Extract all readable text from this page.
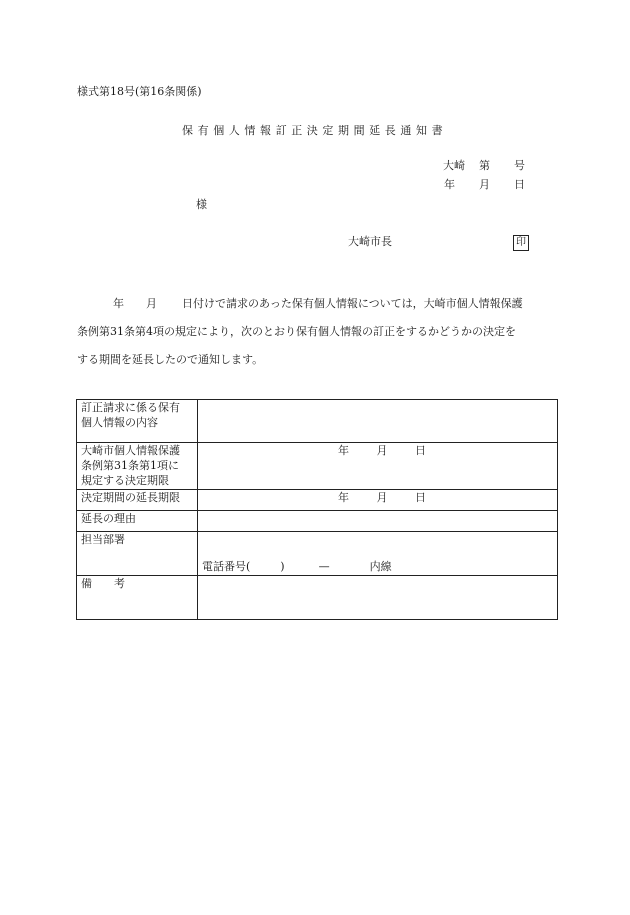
様式第18号(第16条関係)
保有個人情報訂正決定期間延長通知書
大崎 第 号
年 月 日
様
大崎市長	印
年 月 日付けで請求のあった保有個人情報については，大崎市個人情報保護
条例第31条第4項の規定により，次のとおり保有個人情報の訂正をするかどうかの決定を
する期間を延長したので通知します。
訂正請求に係る保有
個人情報の内容	

大崎市個人情報保護
条例第31条第1項に
規定する決定期限	年 月 日
決定期間の延長期限	年 月 日
延長の理由	
担当部署	電話番号( ) — 内線
備　　考	
